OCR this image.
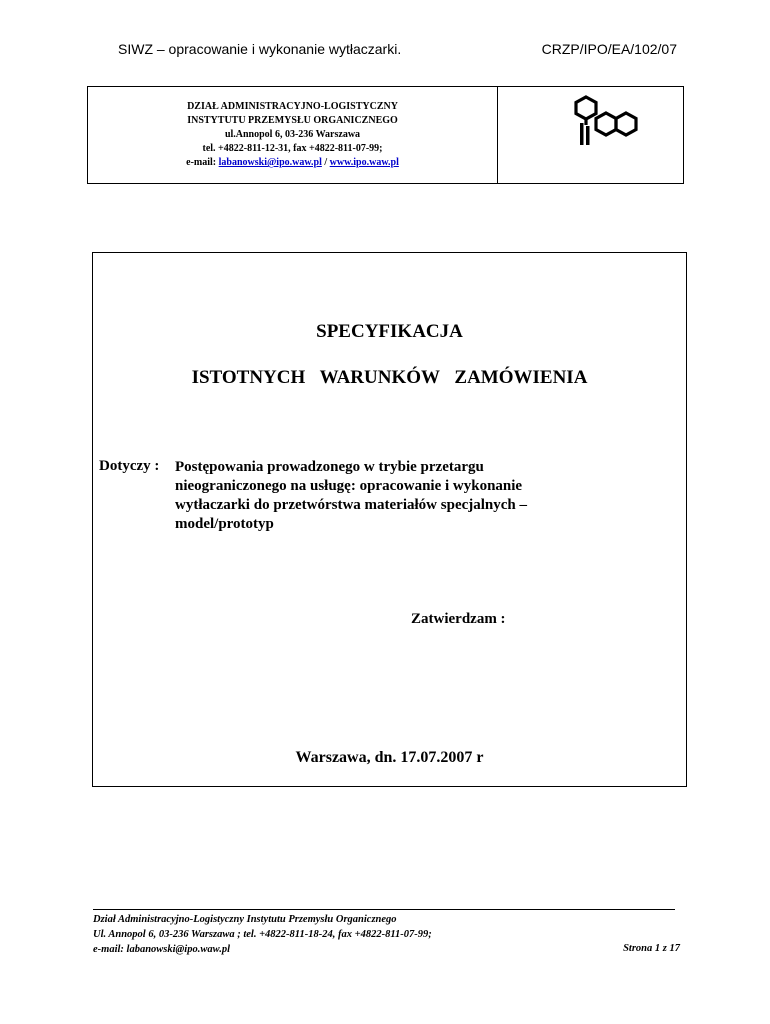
SIWZ – opracowanie i wykonanie wytłaczarki.	CRZP/IPO/EA/102/07
DZIAŁ ADMINISTRACYJNO-LOGISTYCZNY
INSTYTUTU PRZEMYSŁU ORGANICZNEGO
ul.Annopol 6, 03-236 Warszawa
tel. +4822-811-12-31, fax +4822-811-07-99;
e-mail: labanowski@ipo.waw.pl / www.ipo.waw.pl
SPECYFIKACJA
ISTOTNYCH WARUNKÓW ZAMÓWIENIA
Dotyczy : Postępowania prowadzonego w trybie przetargu
nieograniczonego na usługę: opracowanie i wykonanie
wytłaczarki do przetwórstwa materiałów specjalnych –
model/prototyp
Zatwierdzam :
Warszawa, dn. 17.07.2007 r
Dział Administracyjno-Logistyczny Instytutu Przemysłu Organicznego
Ul. Annopol 6, 03-236 Warszawa ; tel. +4822-811-18-24, fax +4822-811-07-99;
e-mail: labanowski@ipo.waw.pl	Strona 1 z 17
